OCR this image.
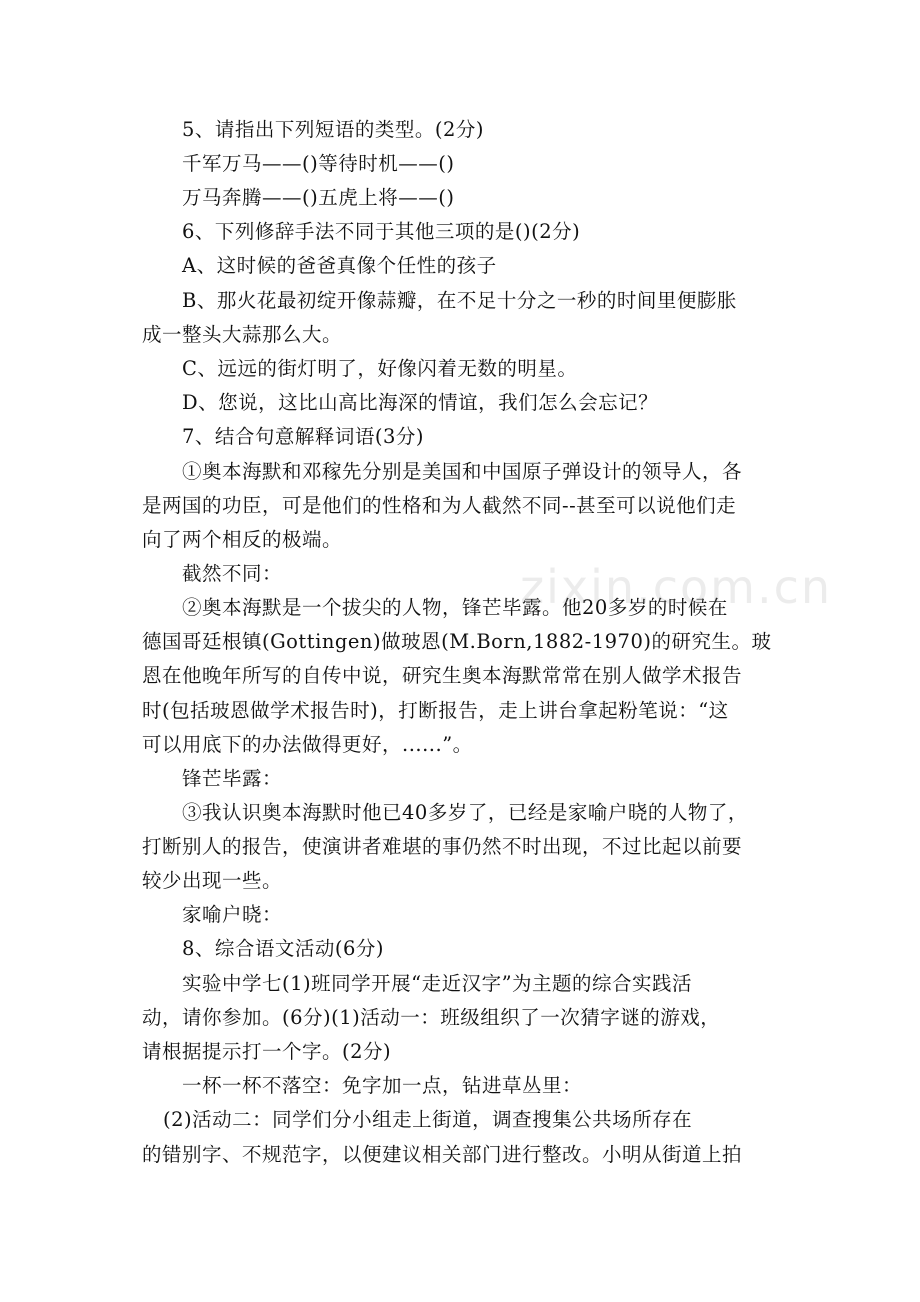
5、请指出下列短语的类型。(2分)
千军万马——()等待时机——()
万马奔腾——()五虎上将——()
6、下列修辞手法不同于其他三项的是()(2分)
A、这时候的爸爸真像个任性的孩子
B、那火花最初绽开像蒜瓣，在不足十分之一秒的时间里便膨胀
成一整头大蒜那么大。
C、远远的街灯明了，好像闪着无数的明星。
D、您说，这比山高比海深的情谊，我们怎么会忘记？
7、结合句意解释词语(3分)
①奥本海默和邓稼先分别是美国和中国原子弹设计的领导人，各
是两国的功臣，可是他们的性格和为人截然不同--甚至可以说他们走
向了两个相反的极端。
截然不同：
②奥本海默是一个拔尖的人物，锋芒毕露。他20多岁的时候在
德国哥廷根镇(Gottingen)做玻恩(M.Born,1882-1970)的研究生。玻
恩在他晚年所写的自传中说，研究生奥本海默常常在别人做学术报告
时(包括玻恩做学术报告时)，打断报告，走上讲台拿起粉笔说：“这
可以用底下的办法做得更好，......”。
锋芒毕露：
③我认识奥本海默时他已40多岁了，已经是家喻户晓的人物了，
打断别人的报告，使演讲者难堪的事仍然不时出现，不过比起以前要
较少出现一些。
家喻户晓：
8、综合语文活动(6分)
实验中学七(1)班同学开展“走近汉字”为主题的综合实践活
动，请你参加。(6分)(1)活动一：班级组织了一次猜字谜的游戏，
请根据提示打一个字。(2分)
一杯一杯不落空：免字加一点，钻进草丛里：
(2)活动二：同学们分小组走上街道，调查搜集公共场所存在
的错别字、不规范字，以便建议相关部门进行整改。小明从街道上拍
zixin.com.cn
